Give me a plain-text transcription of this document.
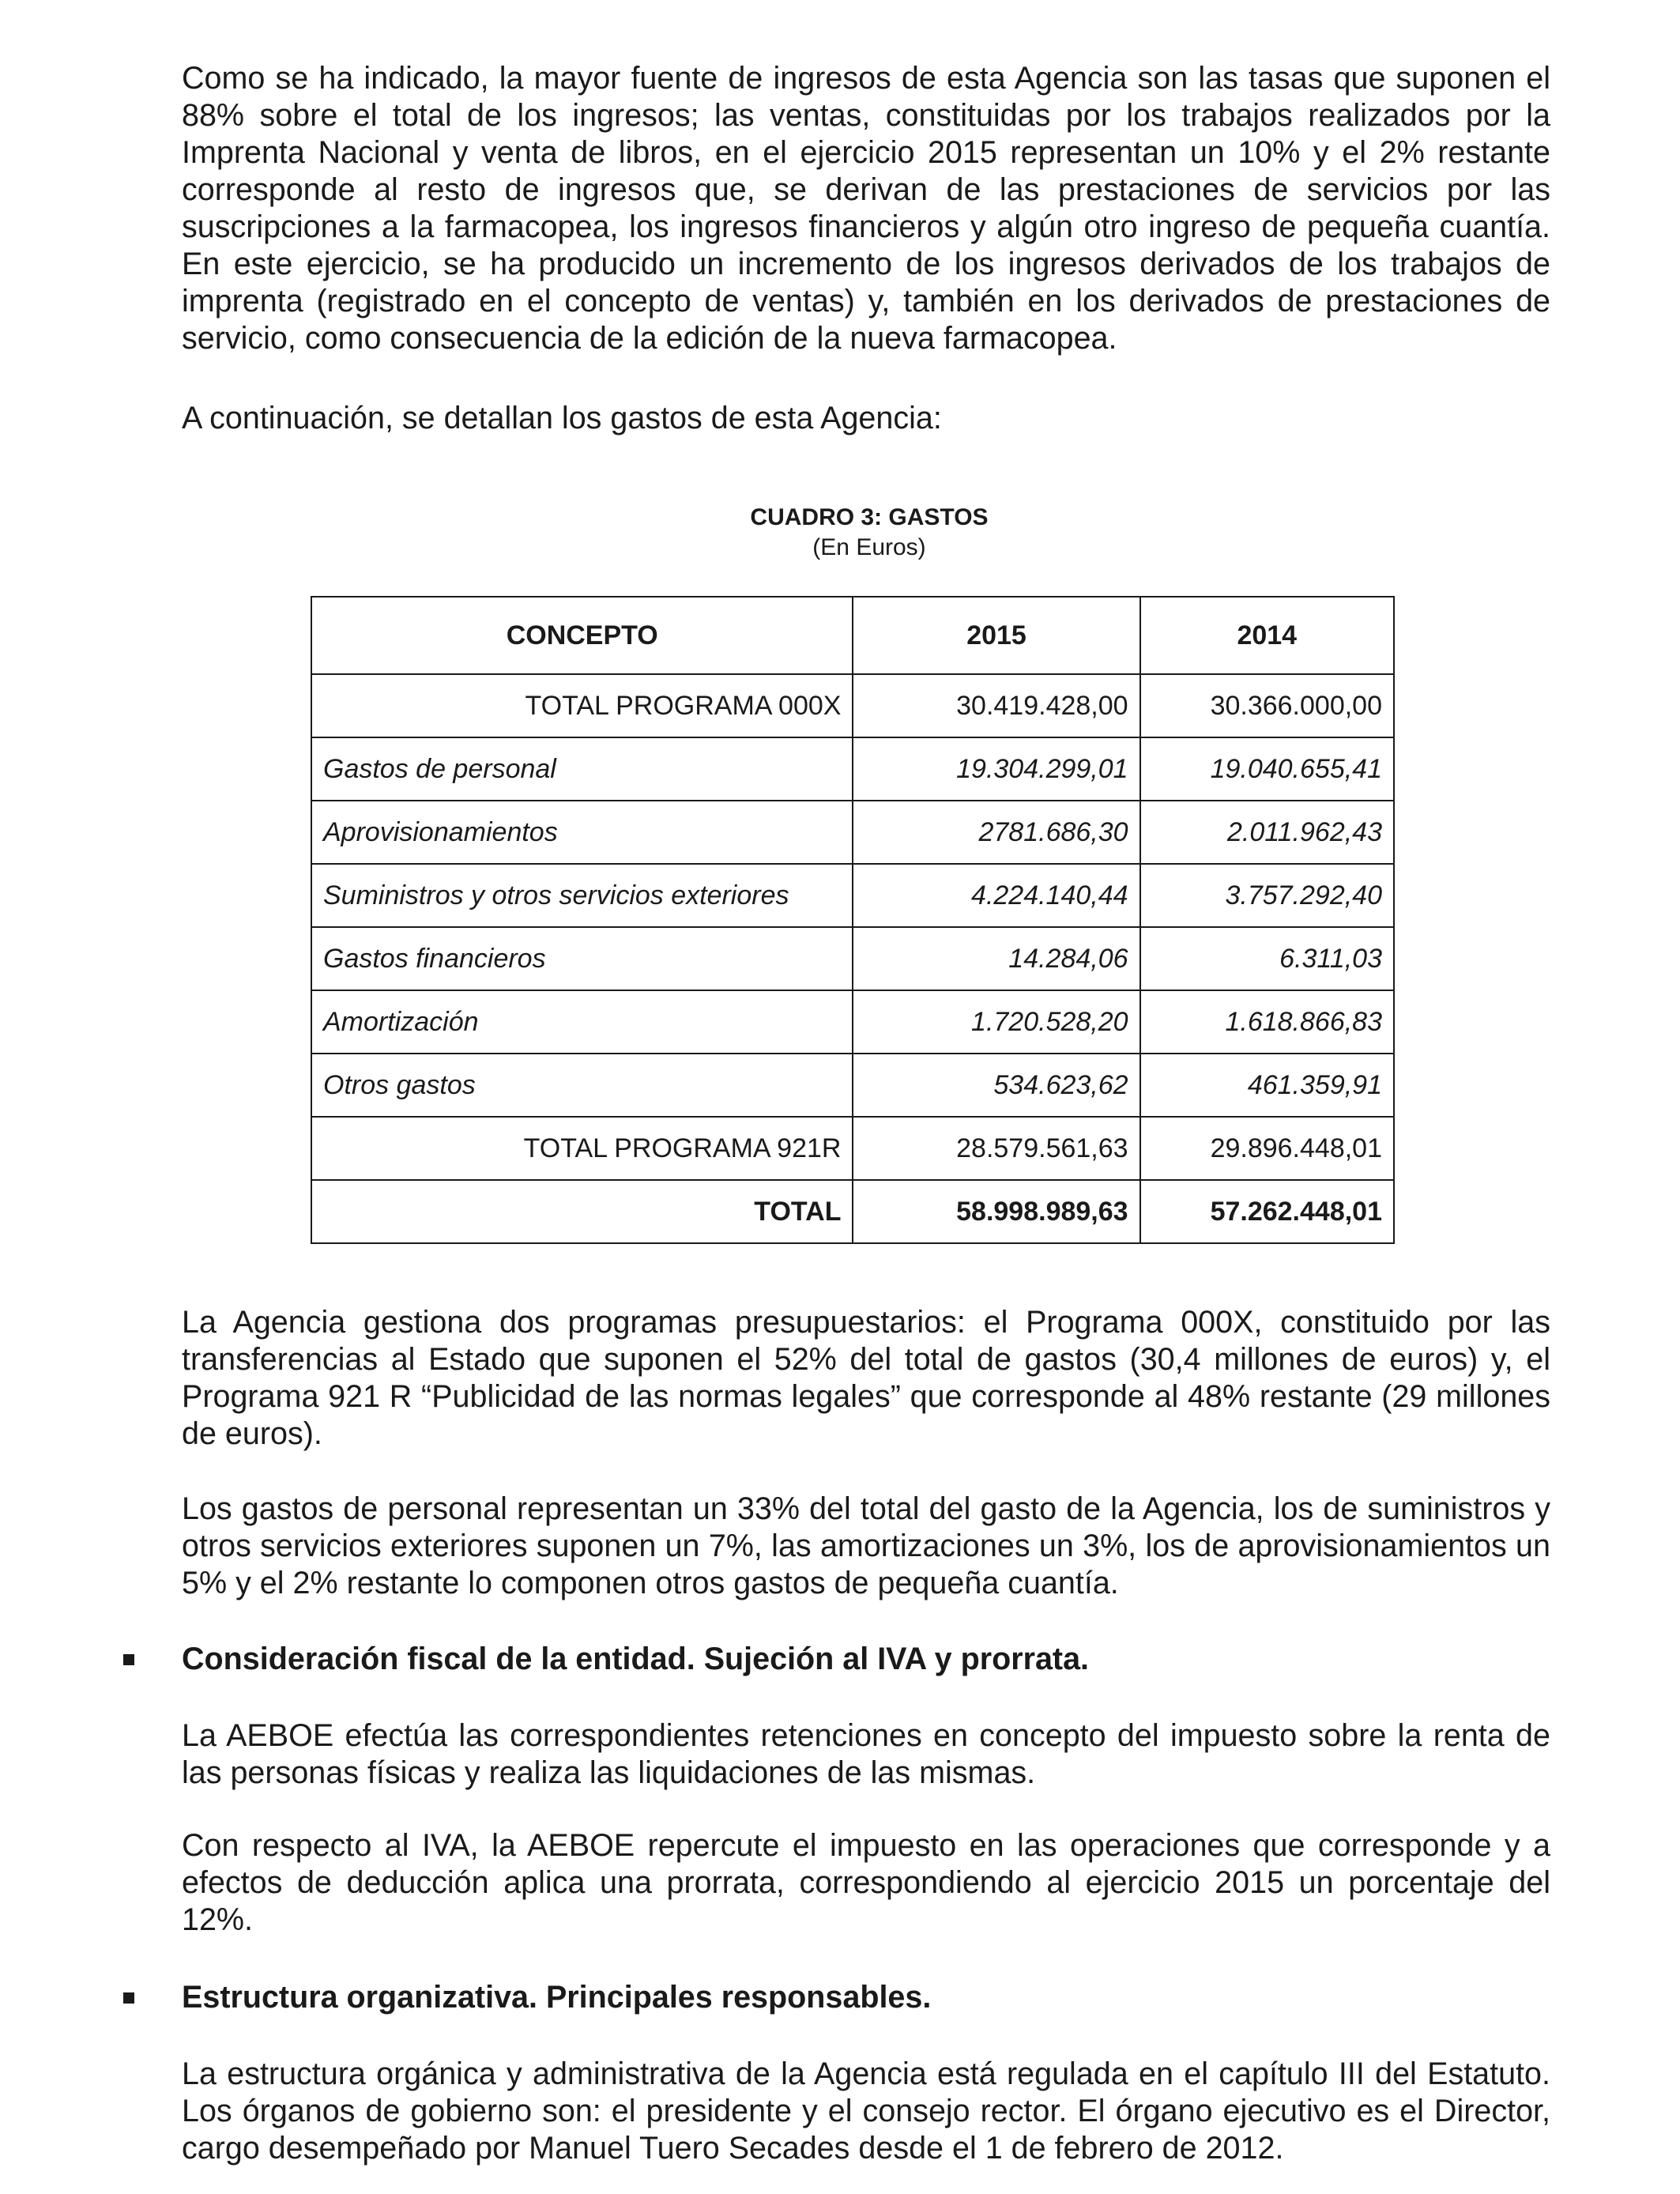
Como se ha indicado, la mayor fuente de ingresos de esta Agencia son las tasas que suponen el 88% sobre el total de los ingresos; las ventas, constituidas por los trabajos realizados por la Imprenta Nacional y venta de libros, en el ejercicio 2015 representan un 10% y el 2% restante corresponde al resto de ingresos que, se derivan de las prestaciones de servicios por las suscripciones a la farmacopea, los ingresos financieros y algún otro ingreso de pequeña cuantía. En este ejercicio, se ha producido un incremento de los ingresos derivados de los trabajos de imprenta (registrado en el concepto de ventas) y, también en los derivados de prestaciones de servicio, como consecuencia de la edición de la nueva farmacopea.

A continuación, se detallan los gastos de esta Agencia:

CUADRO 3: GASTOS

(En Euros)

CONCEPTO	2015	2014
TOTAL PROGRAMA 000X	30.419.428,00	30.366.000,00
Gastos de personal	19.304.299,01	19.040.655,41
Aprovisionamientos	2781.686,30	2.011.962,43
Suministros y otros servicios exteriores	4.224.140,44	3.757.292,40
Gastos financieros	14.284,06	6.311,03
Amortización	1.720.528,20	1.618.866,83
Otros gastos	534.623,62	461.359,91
TOTAL PROGRAMA 921R	28.579.561,63	29.896.448,01
TOTAL	58.998.989,63	57.262.448,01

La Agencia gestiona dos programas presupuestarios: el Programa 000X, constituido por las transferencias al Estado que suponen el 52% del total de gastos (30,4 millones de euros) y, el Programa 921 R “Publicidad de las normas legales” que corresponde al 48% restante (29 millones de euros).

Los gastos de personal representan un 33% del total del gasto de la Agencia, los de suministros y otros servicios exteriores suponen un 7%, las amortizaciones un 3%, los de aprovisionamientos un 5% y el 2% restante lo componen otros gastos de pequeña cuantía.

Consideración fiscal de la entidad. Sujeción al IVA y prorrata.

La AEBOE efectúa las correspondientes retenciones en concepto del impuesto sobre la renta de las personas físicas y realiza las liquidaciones de las mismas.

Con respecto al IVA, la AEBOE repercute el impuesto en las operaciones que corresponde y a efectos de deducción aplica una prorrata, correspondiendo al ejercicio 2015 un porcentaje del 12%.

Estructura organizativa. Principales responsables.

La estructura orgánica y administrativa de la Agencia está regulada en el capítulo III del Estatuto. Los órganos de gobierno son: el presidente y el consejo rector. El órgano ejecutivo es el Director, cargo desempeñado por Manuel Tuero Secades desde el 1 de febrero de 2012.
